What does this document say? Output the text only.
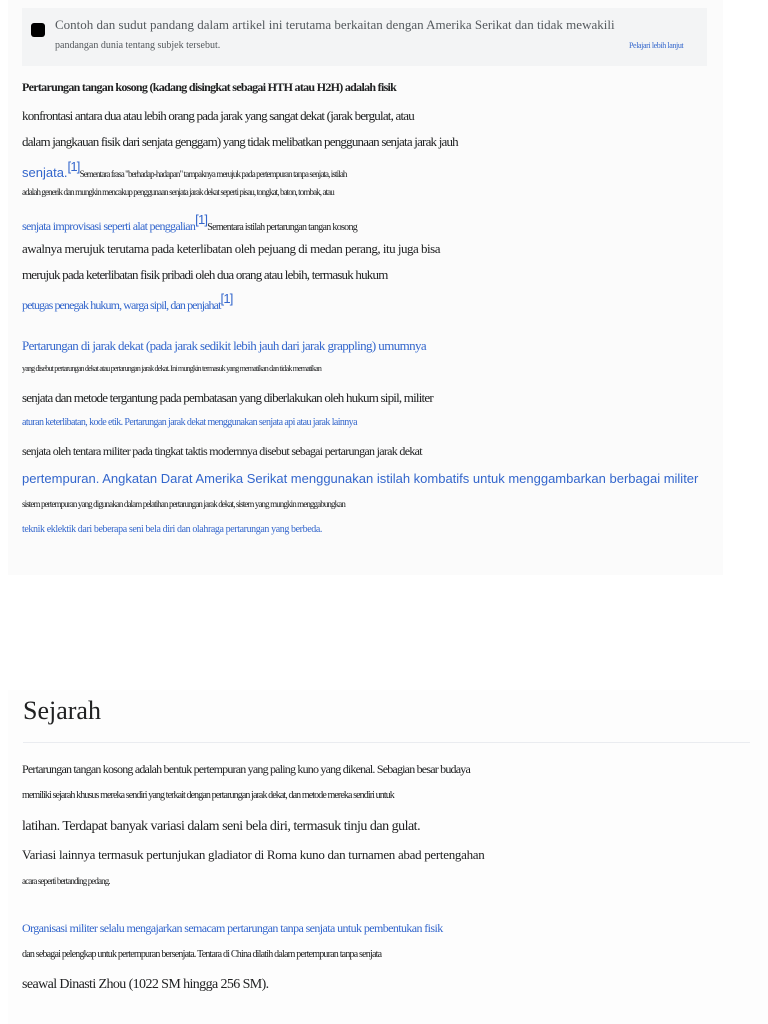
Contoh dan sudut pandang dalam artikel ini terutama berkaitan dengan Amerika Serikat dan tidak mewakili
pandangan dunia tentang subjek tersebut.	Pelajari lebih lanjut
Pertarungan tangan kosong (kadang disingkat sebagai HTH atau H2H) adalah fisik
konfrontasi antara dua atau lebih orang pada jarak yang sangat dekat (jarak bergulat, atau
dalam jangkauan fisik dari senjata genggam) yang tidak melibatkan penggunaan senjata jarak jauh
senjata.[1]Sementara frasa "berhadap-hadapan" tampaknya merujuk pada pertempuran tanpa senjata, istilah
adalah generik dan mungkin mencakup penggunaan senjata jarak dekat seperti pisau, tongkat, baton, tombak, atau
senjata improvisasi seperti alat penggalian[1]Sementara istilah pertarungan tangan kosong
awalnya merujuk terutama pada keterlibatan oleh pejuang di medan perang, itu juga bisa
merujuk pada keterlibatan fisik pribadi oleh dua orang atau lebih, termasuk hukum
petugas penegak hukum, warga sipil, dan penjahat[1]
Pertarungan di jarak dekat (pada jarak sedikit lebih jauh dari jarak grappling) umumnya
yang disebut pertarungan dekat atau pertarungan jarak dekat. Ini mungkin termasuk yang mematikan dan tidak mematikan
senjata dan metode tergantung pada pembatasan yang diberlakukan oleh hukum sipil, militer
aturan keterlibatan, kode etik. Pertarungan jarak dekat menggunakan senjata api atau jarak lainnya
senjata oleh tentara militer pada tingkat taktis modernnya disebut sebagai pertarungan jarak dekat
pertempuran. Angkatan Darat Amerika Serikat menggunakan istilah kombatifs untuk menggambarkan berbagai militer
sistem pertempuran yang digunakan dalam pelatihan pertarungan jarak dekat, sistem yang mungkin menggabungkan
teknik eklektik dari beberapa seni bela diri dan olahraga pertarungan yang berbeda.
Sejarah
Pertarungan tangan kosong adalah bentuk pertempuran yang paling kuno yang dikenal. Sebagian besar budaya
memiliki sejarah khusus mereka sendiri yang terkait dengan pertarungan jarak dekat, dan metode mereka sendiri untuk
latihan. Terdapat banyak variasi dalam seni bela diri, termasuk tinju dan gulat.
Variasi lainnya termasuk pertunjukan gladiator di Roma kuno dan turnamen abad pertengahan
acara seperti bertanding pedang.
Organisasi militer selalu mengajarkan semacam pertarungan tanpa senjata untuk pembentukan fisik
dan sebagai pelengkap untuk pertempuran bersenjata. Tentara di China dilatih dalam pertempuran tanpa senjata
seawal Dinasti Zhou (1022 SM hingga 256 SM).
